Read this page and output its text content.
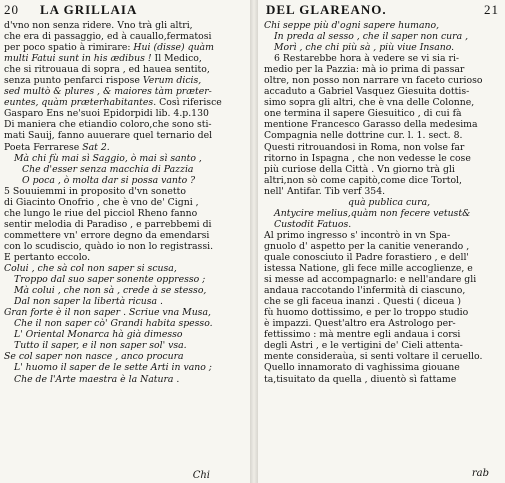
20 LA GRILLAIA
d'vno non senza ridere. Vno trà gli altri,
che era di passaggio, ed à cauallo,fermatosi
per poco spatio à rimirare: Hui (disse) quàm
multi Fatui sunt in his ædibus ! Il Medico,
che si ritrouaua di sopra , ed hauea sentito,
senza punto penfarci rispose Verum dicis,
sed multò & plures , & maiores tàm præter-
euntes, quàm præterhabitantes. Così riferisce
Gasparo Ens ne'suoi Epidorpidi lib. 4.p.130
Di maniera che etiandio coloro,che sono sti-
mati Sauij, fanno auuerare quel ternario del
Poeta Ferrarese Sat 2.
Mà chi fù mai sì Saggio, ò mai sì santo ,
Che d'esser senza macchia di Pazzia
O poca , ò molta dar si possa vanto ?
5 Souuiemmi in proposito d'vn sonetto
di Giacinto Onofrio , che è vno de' Cigni ,
che lungo le riue del picciol Rheno fanno
sentir melodia di Paradiso , e parrebbemi di
commettere vn' errore degno da emendarsi
con lo scudiscio, quàdo io non lo registrassi.
E pertanto eccolo.
Colui , che sà col non saper si scusa,
Troppo dal suo saper sonente oppresso ;
Mà colui , che non sà , crede à se stesso,
Dal non saper la libertà ricusa .
Gran forte è il non saper . Scriue vna Musa,
Che il non saper cò' Grandi habita spesso.
L' Oriental Monarca hà già dimesso
Tutto il saper, e il non saper sol' vsa.
Se col saper non nasce , anco procura
L' huomo il saper de le sette Arti in vano ;
Che de l'Arte maestra è la Natura .
Chi
DEL GLAREANO.	21
Chi seppe più d'ogni sapere humano,
In preda al sesso , che il saper non cura ,
Morì , che chi più sà , più viue Insano.
6 Restarebbe hora à vedere se vi sia ri-
medio per la Pazzia: mà io prima di passar
oltre, non posso non narrare vn faceto curioso
accaduto a Gabriel Vasquez Giesuita dottis-
simo sopra gli altri, che è vna delle Colonne,
one termina il sapere Giesuitico , di cui fà
mentione Francesco Garasso della medesima
Compagnia nelle dottrine cur. l. 1. sect. 8.
Questi ritrouandosi in Roma, non volse far
ritorno in Ispagna , che non vedesse le cose
più curiose della Città . Vn giorno trà gli
altri,non sò come capitò,come dice Tortol,
nell' Antifar. Tib verf 354.
quà publica cura,
Antycire melius,quàm non fecere vetust&
Custodit Fatuos.
Al primo ingresso s' incontrò in vn Spa-
gnuolo d' aspetto per la canitie venerando ,
quale conosciuto il Padre forastiero , e dell'
istessa Natione, gli fece mille accoglienze, e
si messe ad accompagnarlo: e nell'andare gli
andaua raccotando l'infermità di ciascuno,
che se gli faceua inanzi . Questi ( diceua )
fù huomo dottissimo, e per lo troppo studio
è impazzi. Quest'altro era Astrologo per-
fettissimo : mà mentre egli andaua i corsi
degli Astri , e le vertigini de' Cieli attenta-
mente consideraùa, si senti voltare il ceruello.
Quello innamorato di vaghissima giouane
ta,tisuitato da quella , diuentò sì fattame
rab
